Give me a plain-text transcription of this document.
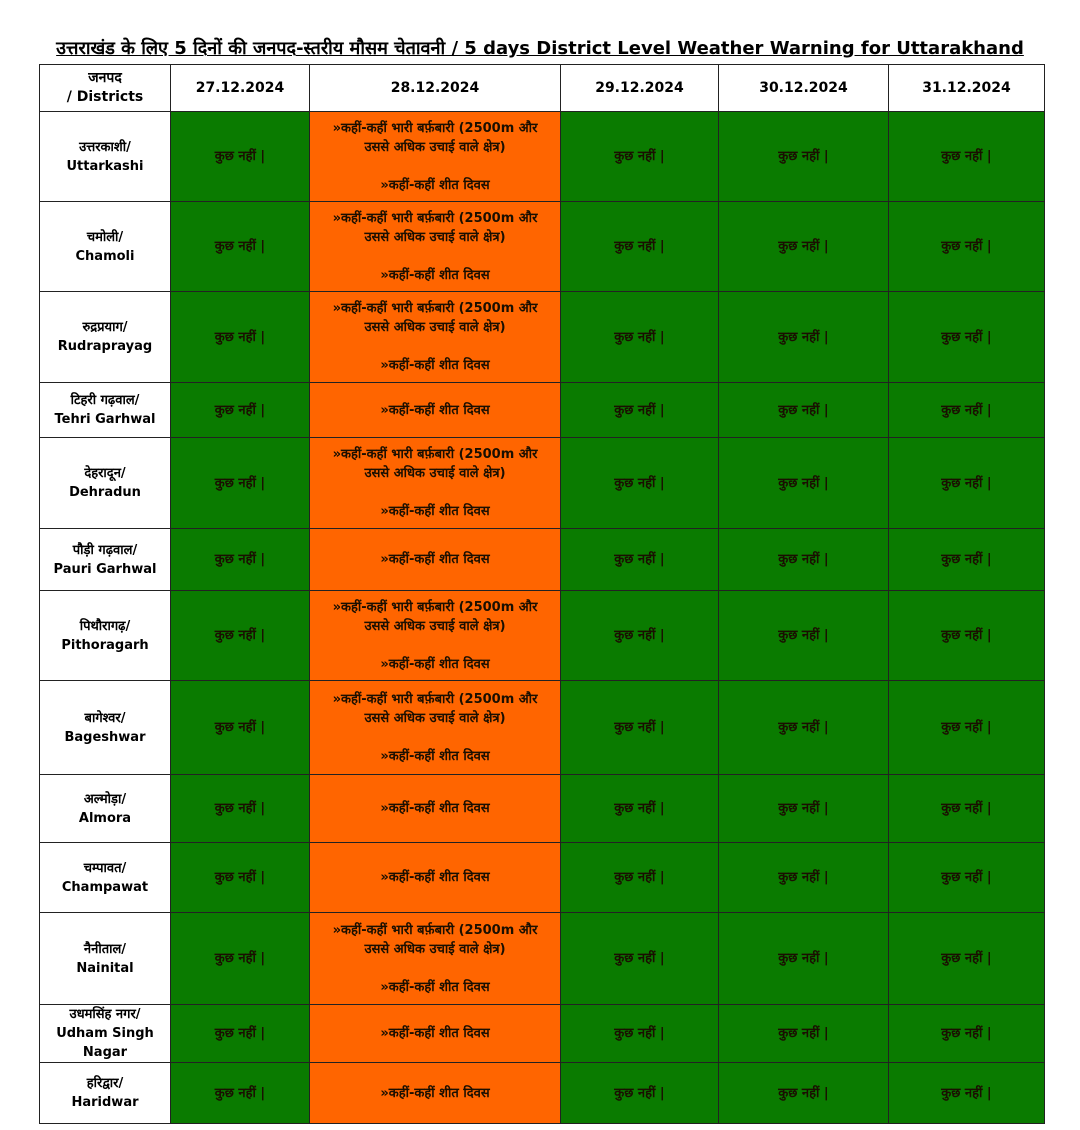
उत्तराखंड के लिए 5 दिनों की जनपद-स्तरीय मौसम चेतावनी / 5 days District Level Weather Warning for Uttarakhand
जनपद
/ Districts	27.12.2024	28.12.2024	29.12.2024	30.12.2024	31.12.2024

उत्तरकाशी/
Uttarkashi	कुछ नहीं |	»कहीं-कहीं भारी बर्फ़बारी (2500m और
उससे अधिक उचाई वाले क्षेत्र)
»कहीं-कहीं शीत दिवस	कुछ नहीं |	कुछ नहीं |	कुछ नहीं |

चमोली/
Chamoli	कुछ नहीं |	»कहीं-कहीं भारी बर्फ़बारी (2500m और
उससे अधिक उचाई वाले क्षेत्र)
»कहीं-कहीं शीत दिवस	कुछ नहीं |	कुछ नहीं |	कुछ नहीं |

रुद्रप्रयाग/
Rudraprayag	कुछ नहीं |	»कहीं-कहीं भारी बर्फ़बारी (2500m और
उससे अधिक उचाई वाले क्षेत्र)
»कहीं-कहीं शीत दिवस	कुछ नहीं |	कुछ नहीं |	कुछ नहीं |

टिहरी गढ़वाल/
Tehri Garhwal	कुछ नहीं |	»कहीं-कहीं शीत दिवस	कुछ नहीं |	कुछ नहीं |	कुछ नहीं |

देहरादून/
Dehradun	कुछ नहीं |	»कहीं-कहीं भारी बर्फ़बारी (2500m और
उससे अधिक उचाई वाले क्षेत्र)
»कहीं-कहीं शीत दिवस	कुछ नहीं |	कुछ नहीं |	कुछ नहीं |

पौड़ी गढ़वाल/
Pauri Garhwal	कुछ नहीं |	»कहीं-कहीं शीत दिवस	कुछ नहीं |	कुछ नहीं |	कुछ नहीं |

पिथौरागढ़/
Pithoragarh	कुछ नहीं |	»कहीं-कहीं भारी बर्फ़बारी (2500m और
उससे अधिक उचाई वाले क्षेत्र)
»कहीं-कहीं शीत दिवस	कुछ नहीं |	कुछ नहीं |	कुछ नहीं |

बागेश्वर/
Bageshwar	कुछ नहीं |	»कहीं-कहीं भारी बर्फ़बारी (2500m और
उससे अधिक उचाई वाले क्षेत्र)
»कहीं-कहीं शीत दिवस	कुछ नहीं |	कुछ नहीं |	कुछ नहीं |

अल्मोड़ा/
Almora	कुछ नहीं |	»कहीं-कहीं शीत दिवस	कुछ नहीं |	कुछ नहीं |	कुछ नहीं |

चम्पावत/
Champawat	कुछ नहीं |	»कहीं-कहीं शीत दिवस	कुछ नहीं |	कुछ नहीं |	कुछ नहीं |

नैनीताल/
Nainital	कुछ नहीं |	»कहीं-कहीं भारी बर्फ़बारी (2500m और
उससे अधिक उचाई वाले क्षेत्र)
»कहीं-कहीं शीत दिवस	कुछ नहीं |	कुछ नहीं |	कुछ नहीं |

उधमसिंह नगर/
Udham Singh Nagar	कुछ नहीं |	»कहीं-कहीं शीत दिवस	कुछ नहीं |	कुछ नहीं |	कुछ नहीं |

हरिद्वार/
Haridwar	कुछ नहीं |	»कहीं-कहीं शीत दिवस	कुछ नहीं |	कुछ नहीं |	कुछ नहीं |
